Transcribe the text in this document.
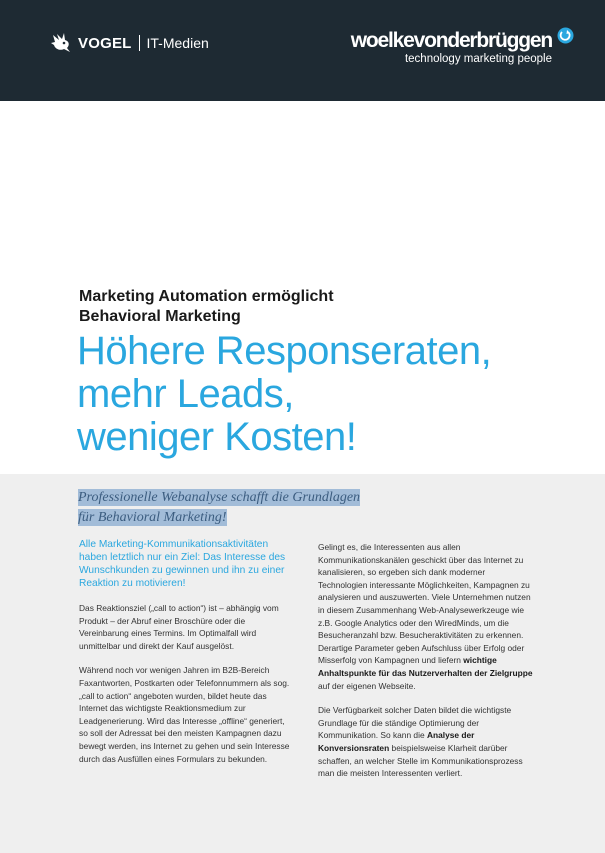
VOGEL IT-Medien	woelkevonderbrüggen
technology marketing people
Marketing Automation ermöglicht
Behavioral Marketing
Höhere Responseraten,
mehr Leads,
weniger Kosten!
Professionelle Webanalyse schafft die Grundlagen
für Behavioral Marketing!

Alle Marketing-Kommunikationsaktivitäten haben letztlich nur ein Ziel: Das Interesse des Wunschkunden zu gewinnen und ihn zu einer Reaktion zu motivieren!

Das Reaktionsziel („call to action“) ist – abhängig vom Produkt – der Abruf einer Broschüre oder die Vereinbarung eines Termins. Im Optimalfall wird unmittelbar und direkt der Kauf ausgelöst.

Während noch vor wenigen Jahren im B2B-Bereich Faxantworten, Postkarten oder Telefonnummern als sog. „call to action“ angeboten wurden, bildet heute das Internet das wichtigste Reaktionsmedium zur Leadgenerierung. Wird das Interesse „offline“ generiert, so soll der Adressat bei den meisten Kampagnen dazu bewegt werden, ins Internet zu gehen und sein Interesse durch das Ausfüllen eines Formulars zu bekunden.

Gelingt es, die Interessenten aus allen Kommunikationskanälen geschickt über das Internet zu kanalisieren, so ergeben sich dank moderner Technologien interessante Möglichkeiten, Kampagnen zu analysieren und auszuwerten. Viele Unternehmen nutzen in diesem Zusammenhang Web-Analysewerkzeuge wie z.B. Google Analytics oder den WiredMinds, um die Besucheranzahl bzw. Besucheraktivitäten zu erkennen. Derartige Parameter geben Aufschluss über Erfolg oder Misserfolg von Kampagnen und liefern wichtige Anhaltspunkte für das Nutzerverhalten der Zielgruppe auf der eigenen Webseite.

Die Verfügbarkeit solcher Daten bildet die wichtigste Grundlage für die ständige Optimierung der Kommunikation. So kann die Analyse der Konversionsraten beispielsweise Klarheit darüber schaffen, an welcher Stelle im Kommunikationsprozess man die meisten Interessenten verliert.
